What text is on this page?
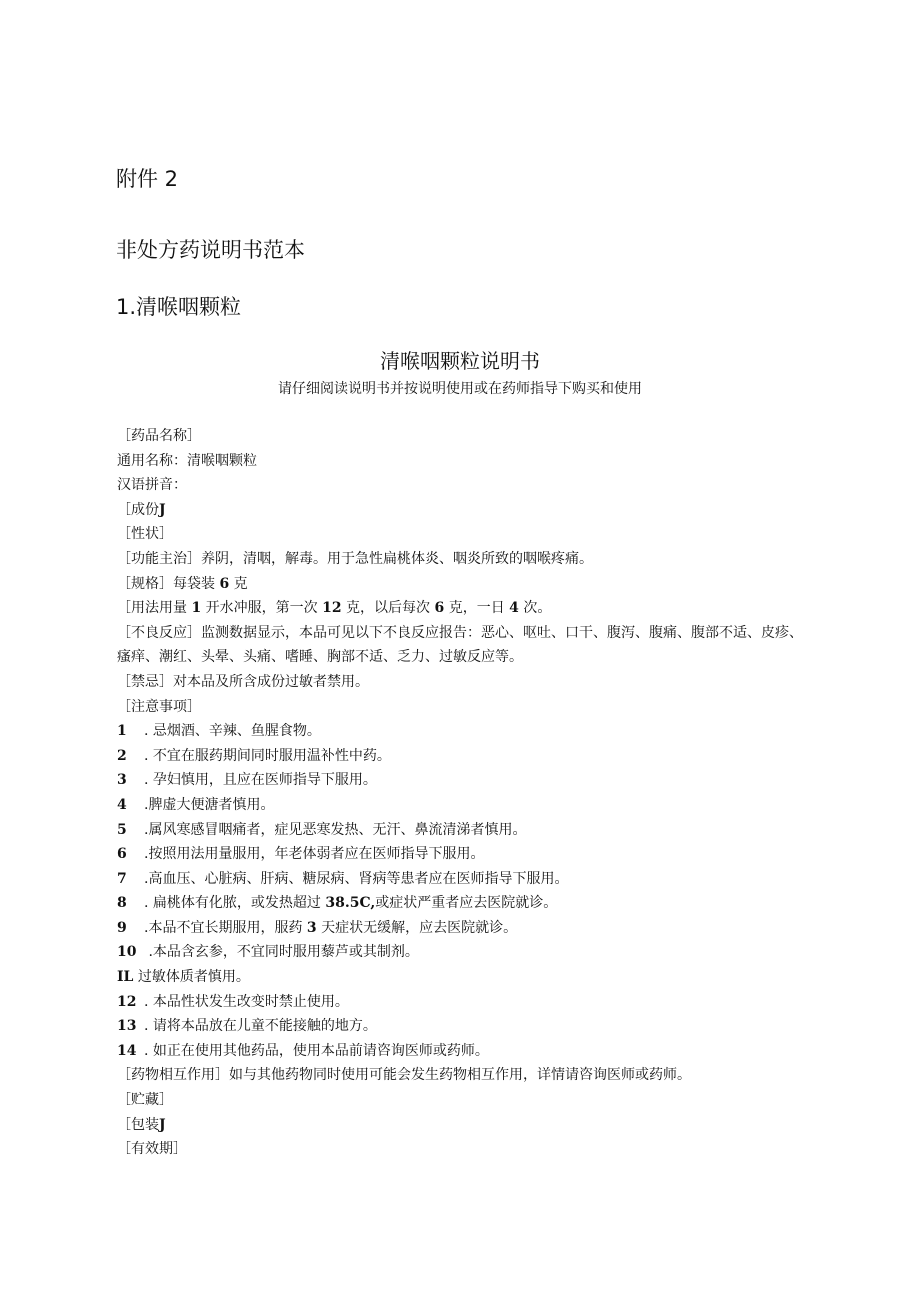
附件 2

非处方药说明书范本

1.清喉咽颗粒

清喉咽颗粒说明书

请仔细阅读说明书并按说明使用或在药师指导下购买和使用

［药品名称］
通用名称：清喉咽颗粒
汉语拼音：
［成份J
［性状］
［功能主治］养阴，清咽，解毒。用于急性扁桃体炎、咽炎所致的咽喉疼痛。
［规格］每袋装 6 克
［用法用量 1 开水冲服，第一次 12 克，以后每次 6 克，一日 4 次。
［不良反应］监测数据显示，本品可见以下不良反应报告：恶心、呕吐、口干、腹泻、腹痛、腹部不适、皮疹、瘙痒、潮红、头晕、头痛、嗜睡、胸部不适、乏力、过敏反应等。
［禁忌］对本品及所含成份过敏者禁用。
［注意事项］
1 . 忌烟酒、辛辣、鱼腥食物。
2 . 不宜在服药期间同时服用温补性中药。
3 . 孕妇慎用，且应在医师指导下服用。
4 .脾虚大便溏者慎用。
5 .属风寒感冒咽痛者，症见恶寒发热、无汗、鼻流清涕者慎用。
6 .按照用法用量服用，年老体弱者应在医师指导下服用。
7 .高血压、心脏病、肝病、糖尿病、肾病等患者应在医师指导下服用。
8 . 扁桃体有化脓，或发热超过 38.5C,或症状严重者应去医院就诊。
9 .本品不宜长期服用，服药 3 天症状无缓解，应去医院就诊。
10 .本品含玄参，不宜同时服用藜芦或其制剂。
IL 过敏体质者慎用。
12 . 本品性状发生改变时禁止使用。
13 . 请将本品放在儿童不能接触的地方。
14 . 如正在使用其他药品，使用本品前请咨询医师或药师。
［药物相互作用］如与其他药物同时使用可能会发生药物相互作用，详情请咨询医师或药师。
［贮藏］
［包装J
［有效期］
